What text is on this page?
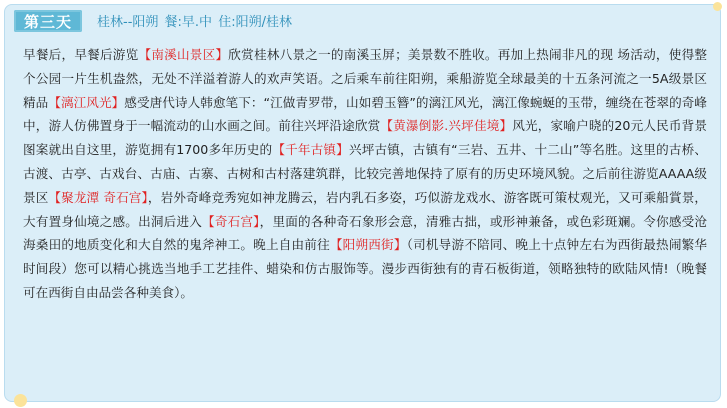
第三天	桂林--阳朔 餐:早.中 住:阳朔/桂林
早餐后，早餐后游览【南溪山景区】欣赏桂林八景之一的南溪玉屏；美景数不胜收。再加上热闹非凡的现 场活动，使得整个公园一片生机盎然，无处不洋溢着游人的欢声笑语。之后乘车前往阳朔，乘船游览全球最美的十五条河流之一5A级景区精品【漓江风光】感受唐代诗人韩愈笔下：“江做青罗带，山如碧玉簪”的漓江风光，漓江像蜿蜒的玉带，缠绕在苍翠的奇峰中，游人仿佛置身于一幅流动的山水画之间。前往兴坪沿途欣赏【黄瀑倒影.兴坪佳境】风光，家喻户晓的20元人民币背景图案就出自这里，游览拥有1700多年历史的【千年古镇】兴坪古镇，古镇有“三岩、五井、十二山”等名胜。这里的古桥、古渡、古亭、古戏台、古庙、古寨、古树和古村落建筑群，比较完善地保持了原有的历史环境风貌。之后前往游览AAAA级景区【聚龙潭 奇石宫】，岩外奇峰竞秀宛如神龙腾云，岩内乳石多姿，巧似游龙戏水、游客既可策杖观光，又可乘船賞景，大有置身仙境之感。出洞后进入【奇石宫】，里面的各种奇石象形会意，清雅古拙，或形神兼备，或色彩斑斓。令你感受沧海桑田的地质变化和大自然的鬼斧神工。晚上自由前往【阳朔西街】（司机导游不陪同、晚上十点钟左右为西街最热闹繁华时间段）您可以精心挑选当地手工艺挂件、蜡染和仿古服饰等。漫步西街独有的青石板街道，领略独特的欧陆风情!（晚餐可在西街自由品尝各种美食）。
